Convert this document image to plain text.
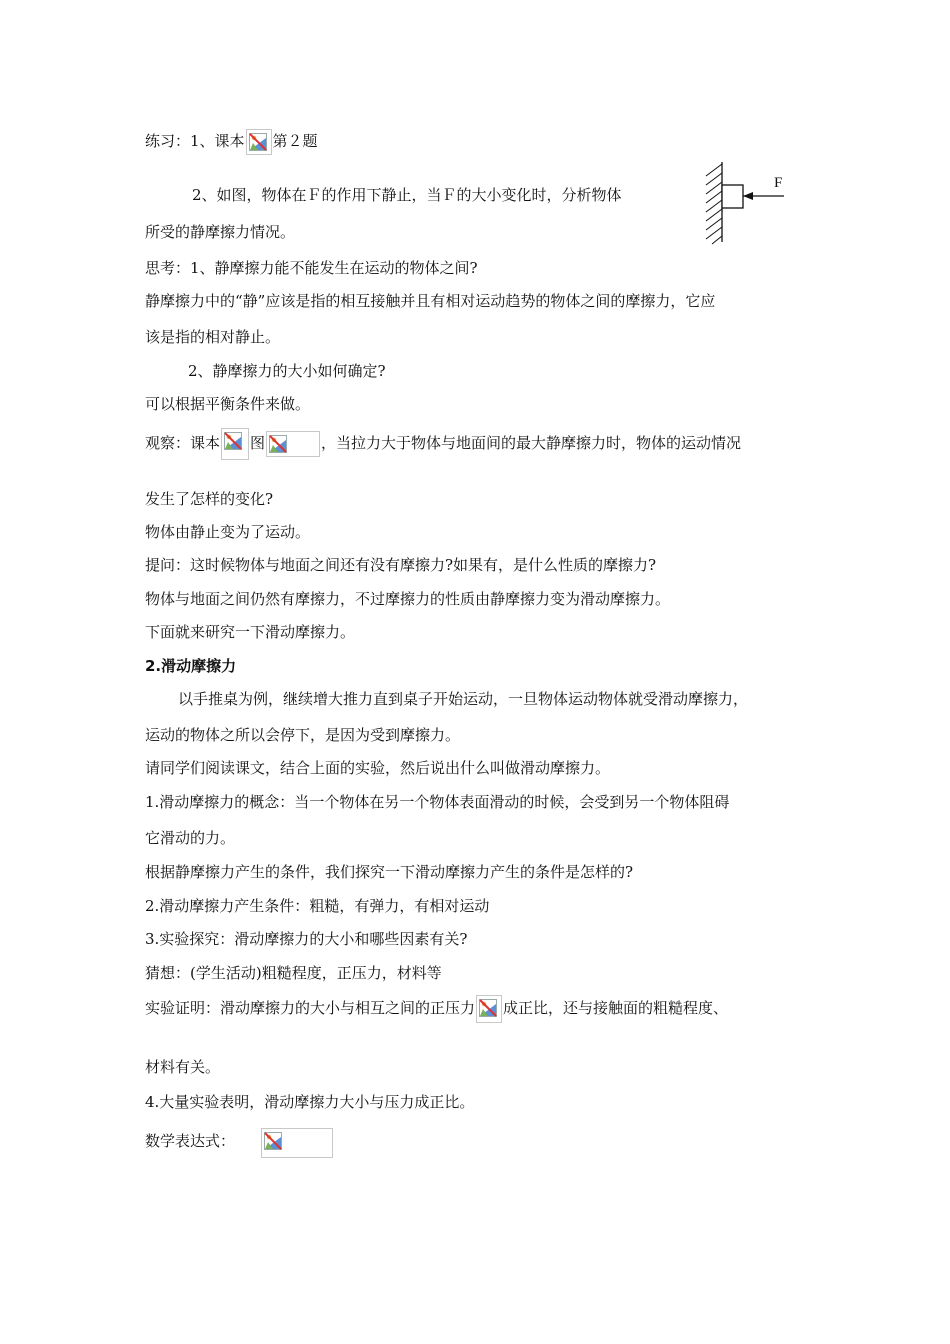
练习：1、课本 第２题
2、如图，物体在Ｆ的作用下静止，当Ｆ的大小变化时，分析物体
F
所受的静摩擦力情况。
思考：1、静摩擦力能不能发生在运动的物体之间?
静摩擦力中的“静”应该是指的相互接触并且有相对运动趋势的物体之间的摩擦力，它应
该是指的相对静止。
2、静摩擦力的大小如何确定?
可以根据平衡条件来做。
观察：课本 图	，当拉力大于物体与地面间的最大静摩擦力时，物体的运动情况
发生了怎样的变化?
物体由静止变为了运动。
提问：这时候物体与地面之间还有没有摩擦力?如果有，是什么性质的摩擦力?
物体与地面之间仍然有摩擦力，不过摩擦力的性质由静摩擦力变为滑动摩擦力。
下面就来研究一下滑动摩擦力。
2.滑动摩擦力
以手推桌为例，继续增大推力直到桌子开始运动，一旦物体运动物体就受滑动摩擦力，
运动的物体之所以会停下，是因为受到摩擦力。
请同学们阅读课文，结合上面的实验，然后说出什么叫做滑动摩擦力。
1.滑动摩擦力的概念：当一个物体在另一个物体表面滑动的时候，会受到另一个物体阻碍
它滑动的力。
根据静摩擦力产生的条件，我们探究一下滑动摩擦力产生的条件是怎样的?
2.滑动摩擦力产生条件：粗糙，有弹力，有相对运动
3.实验探究：滑动摩擦力的大小和哪些因素有关?
猜想：(学生活动)粗糙程度，正压力，材料等
实验证明：滑动摩擦力的大小与相互之间的正压力 成正比，还与接触面的粗糙程度、
材料有关。
4.大量实验表明，滑动摩擦力大小与压力成正比。
数学表达式：
